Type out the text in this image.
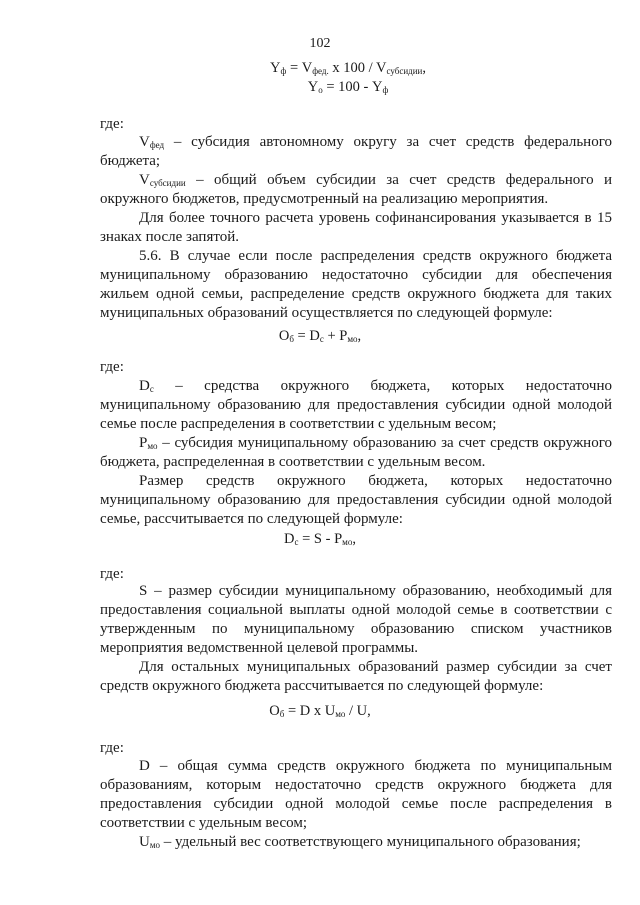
102
$Y_ф = V_{фед.}$ x $100 / V_{субсидии}$,
$Y_о = 100 - Y_ф$
где:

$V_{фед}$ – субсидия автономному округу за счет средств федерального бюджета;

$V_{субсидии}$ – общий объем субсидии за счет средств федерального и окружного бюджетов, предусмотренный на реализацию мероприятия.

Для более точного расчета уровень софинансирования указывается в 15 знаках после запятой.

5.6. В случае если после распределения средств окружного бюджета муниципальному образованию недостаточно субсидии для обеспечения жильем одной семьи, распределение средств окружного бюджета для таких муниципальных образований осуществляется по следующей формуле:

$O_б = D_c + P_{мо}$,
где:

$D_c$ – средства окружного бюджета, которых недостаточно муниципальному образованию для предоставления субсидии одной молодой семье после распределения в соответствии с удельным весом;

$P_{мо}$ – субсидия муниципальному образованию за счет средств окружного бюджета, распределенная в соответствии с удельным весом.

Размер средств окружного бюджета, которых недостаточно муниципальному образованию для предоставления субсидии одной молодой семье, рассчитывается по следующей формуле:

$D_c = S - P_{мо}$,
где:

S – размер субсидии муниципальному образованию, необходимый для предоставления социальной выплаты одной молодой семье в соответствии с утвержденным по муниципальному образованию списком участников мероприятия ведомственной целевой программы.

Для остальных муниципальных образований размер субсидии за счет средств окружного бюджета рассчитывается по следующей формуле:

$O_б = D$ x $U_{мо}$ / U,
где:

D – общая сумма средств окружного бюджета по муниципальным образованиям, которым недостаточно средств окружного бюджета для предоставления субсидии одной молодой семье после распределения в соответствии с удельным весом;

$U_{мо}$ – удельный вес соответствующего муниципального образования;
